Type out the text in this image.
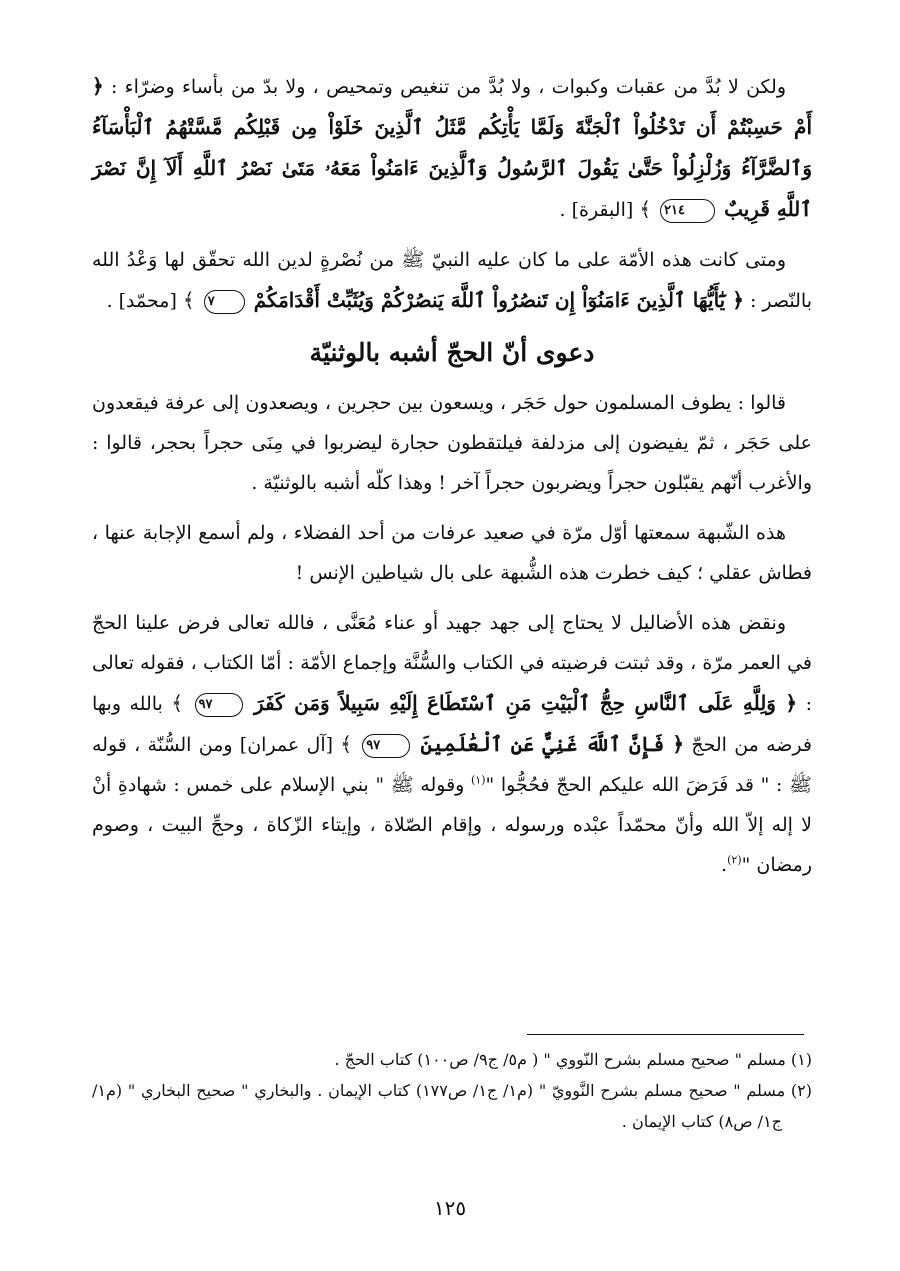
ولكن لا بُدَّ من عقبات وكبوات ، ولا بُدَّ من تنغيص وتمحيص ، ولا بدّ من بأساء وضرّاء : ﴿ أَمْ حَسِبْتُمْ أَن تَدْخُلُواْ ٱلْجَنَّةَ وَلَمَّا يَأْتِكُم مَّثَلُ ٱلَّذِينَ خَلَوْاْ مِن قَبْلِكُم مَّسَّتْهُمُ ٱلْبَأْسَآءُ وَٱلضَّرَّآءُ وَزُلْزِلُواْ حَتَّىٰ يَقُولَ ٱلرَّسُولُ وَٱلَّذِينَ ءَامَنُواْ مَعَهُۥ مَتَىٰ نَصْرُ ٱللَّهِ أَلَآ إِنَّ نَصْرَ ٱللَّهِ قَرِيبٌ ٢١٤ ﴾ [البقرة] .

ومتى كانت هذه الأمّة على ما كان عليه النبيّ ﷺ من نُصْرةٍ لدين الله تحقّق لها وَعْدُ الله بالنّصر : ﴿ يَٰٓأَيُّهَا ٱلَّذِينَ ءَامَنُوٓاْ إِن تَنصُرُواْ ٱللَّهَ يَنصُرْكُمْ وَيُثَبِّتْ أَقْدَامَكُمْ ٧ ﴾ [محمّد] .

دعوى أنّ الحجّ أشبه بالوثنيّة

قالوا : يطوف المسلمون حول حَجَر ، ويسعون بين حجرين ، ويصعدون إلى عرفة فيقعدون على حَجَر ، ثمّ يفيضون إلى مزدلفة فيلتقطون حجارة ليضربوا في مِنَى حجراً بحجر، قالوا : والأغرب أنّهم يقبّلون حجراً ويضربون حجراً آخر ! وهذا كلّه أشبه بالوثنيّة .

هذه الشّبهة سمعتها أوّل مرّة في صعيد عرفات من أحد الفضلاء ، ولم أسمع الإجابة عنها ، فطاش عقلي ؛ كيف خطرت هذه الشُّبهة على بال شياطين الإنس !

ونقض هذه الأضاليل لا يحتاج إلى جهد جهيد أو عناء مُعَنَّى ، فالله تعالى فرض علينا الحجّ في العمر مرّة ، وقد ثبتت فرضيته في الكتاب والسُّنَّة وإجماع الأمّة : أمّا الكتاب ، فقوله تعالى : ﴿ وَلِلَّهِ عَلَى ٱلنَّاسِ حِجُّ ٱلْبَيْتِ مَنِ ٱسْتَطَاعَ إِلَيْهِ سَبِيلاً وَمَن كَفَرَ ٩٧ ﴾ بالله وبها فرضه من الحجّ ﴿ فَإِنَّ ٱللَّهَ غَنِيٌّ عَنِ ٱلْعَٰلَمِينَ ٩٧ ﴾ [آل عمران] ومن السُّنّة ، قوله ﷺ : " قد فَرَضَ الله عليكم الحجّ فحُجُّوا "$^{(١)}$ وقوله ﷺ " بني الإسلام على خمس : شهادةِ أنْ لا إله إلاّ الله وأنّ محمّداً عبْده ورسوله ، وإقام الصّلاة ، وإيتاء الزّكاة ، وحجِّ البيت ، وصوم رمضان "$^{(٢)}$.

(١) مسلم " صحيح مسلم بشرح النّووي " ( م٥/ ج٩/ ص١٠٠) كتاب الحجّ .

(٢) مسلم " صحيح مسلم بشرح النَّوويّ " (م١/ ج١/ ص١٧٧) كتاب الإيمان . والبخاري " صحيح البخاري " (م١/ ج١/ ص٨) كتاب الإيمان .

١٢٥
